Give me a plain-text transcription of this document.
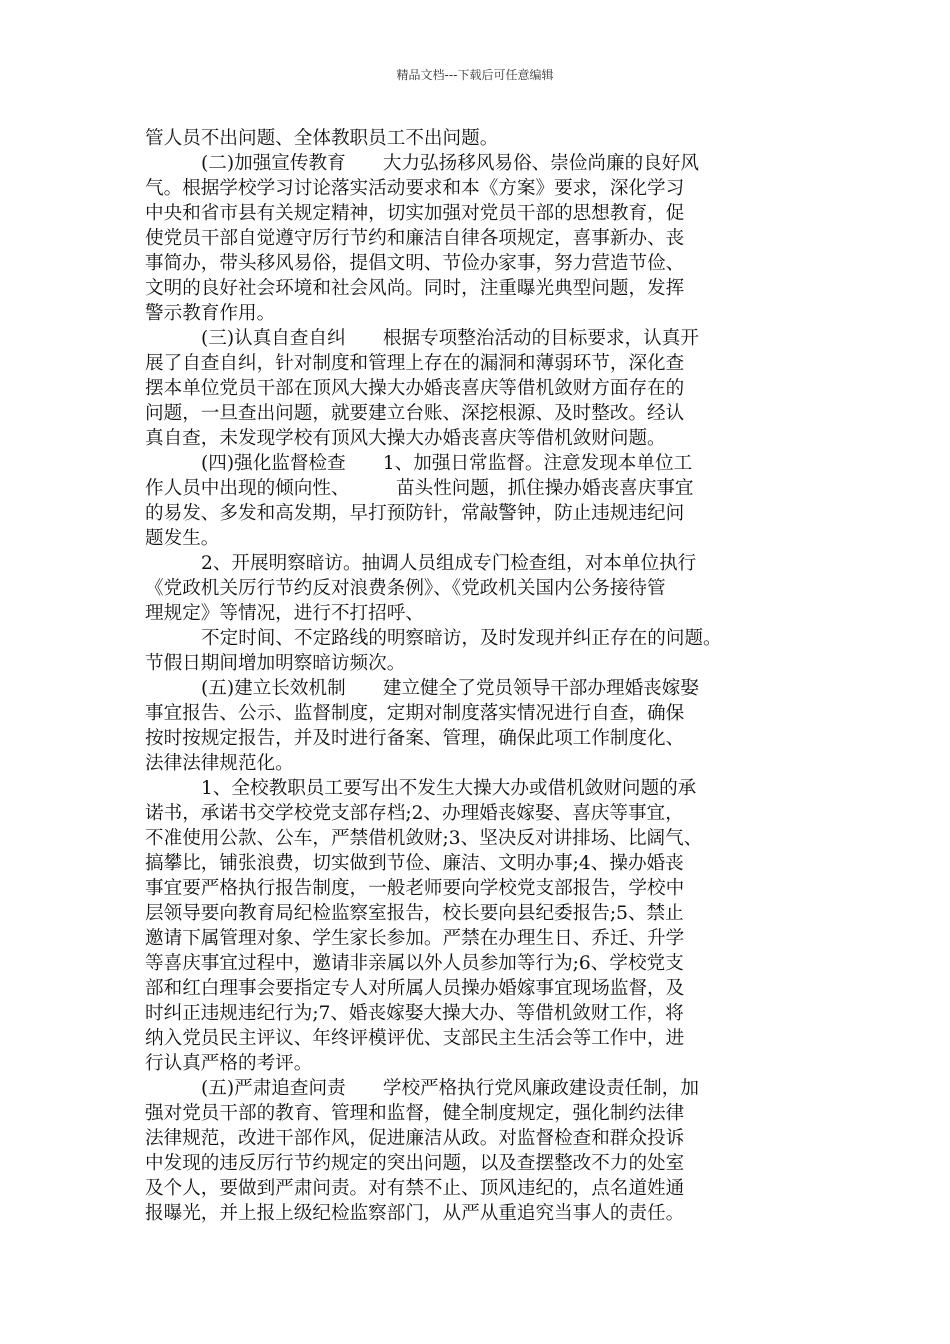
精品文档---下载后可任意编辑
管人员不出问题、全体教职员工不出问题。
(二)加强宣传教育　　大力弘扬移风易俗、崇俭尚廉的良好风
气。根据学校学习讨论落实活动要求和本《方案》要求，深化学习
中央和省市县有关规定精神，切实加强对党员干部的思想教育，促
使党员干部自觉遵守厉行节约和廉洁自律各项规定，喜事新办、丧
事简办，带头移风易俗，提倡文明、节俭办家事，努力营造节俭、
文明的良好社会环境和社会风尚。同时，注重曝光典型问题，发挥
警示教育作用。
(三)认真自查自纠　　根据专项整治活动的目标要求，认真开
展了自查自纠，针对制度和管理上存在的漏洞和薄弱环节，深化查
摆本单位党员干部在顶风大操大办婚丧喜庆等借机敛财方面存在的
问题，一旦查出问题，就要建立台账、深挖根源、及时整改。经认
真自查，未发现学校有顶风大操大办婚丧喜庆等借机敛财问题。
(四)强化监督检查　　1、加强日常监督。注意发现本单位工
作人员中出现的倾向性、　　　苗头性问题，抓住操办婚丧喜庆事宜
的易发、多发和高发期，早打预防针，常敲警钟，防止违规违纪问
题发生。
2、开展明察暗访。抽调人员组成专门检查组，对本单位执行
《党政机关厉行节约反对浪费条例》、《党政机关国内公务接待管
理规定》等情况，进行不打招呼、
不定时间、不定路线的明察暗访，及时发现并纠正存在的问题。
节假日期间增加明察暗访频次。
(五)建立长效机制　　建立健全了党员领导干部办理婚丧嫁娶
事宜报告、公示、监督制度，定期对制度落实情况进行自查，确保
按时按规定报告，并及时进行备案、管理，确保此项工作制度化、
法律法律规范化。
1、全校教职员工要写出不发生大操大办或借机敛财问题的承
诺书，承诺书交学校党支部存档;2、办理婚丧嫁娶、喜庆等事宜，
不准使用公款、公车，严禁借机敛财;3、坚决反对讲排场、比阔气、
搞攀比，铺张浪费，切实做到节俭、廉洁、文明办事;4、操办婚丧
事宜要严格执行报告制度，一般老师要向学校党支部报告，学校中
层领导要向教育局纪检监察室报告，校长要向县纪委报告;5、禁止
邀请下属管理对象、学生家长参加。严禁在办理生日、乔迁、升学
等喜庆事宜过程中，邀请非亲属以外人员参加等行为;6、学校党支
部和红白理事会要指定专人对所属人员操办婚嫁事宜现场监督，及
时纠正违规违纪行为;7、婚丧嫁娶大操大办、等借机敛财工作，将
纳入党员民主评议、年终评模评优、支部民主生活会等工作中，进
行认真严格的考评。
(五)严肃追查问责　　学校严格执行党风廉政建设责任制，加
强对党员干部的教育、管理和监督，健全制度规定，强化制约法律
法律规范，改进干部作风，促进廉洁从政。对监督检查和群众投诉
中发现的违反厉行节约规定的突出问题，以及查摆整改不力的处室
及个人，要做到严肃问责。对有禁不止、顶风违纪的，点名道姓通
报曝光，并上报上级纪检监察部门，从严从重追究当事人的责任。
